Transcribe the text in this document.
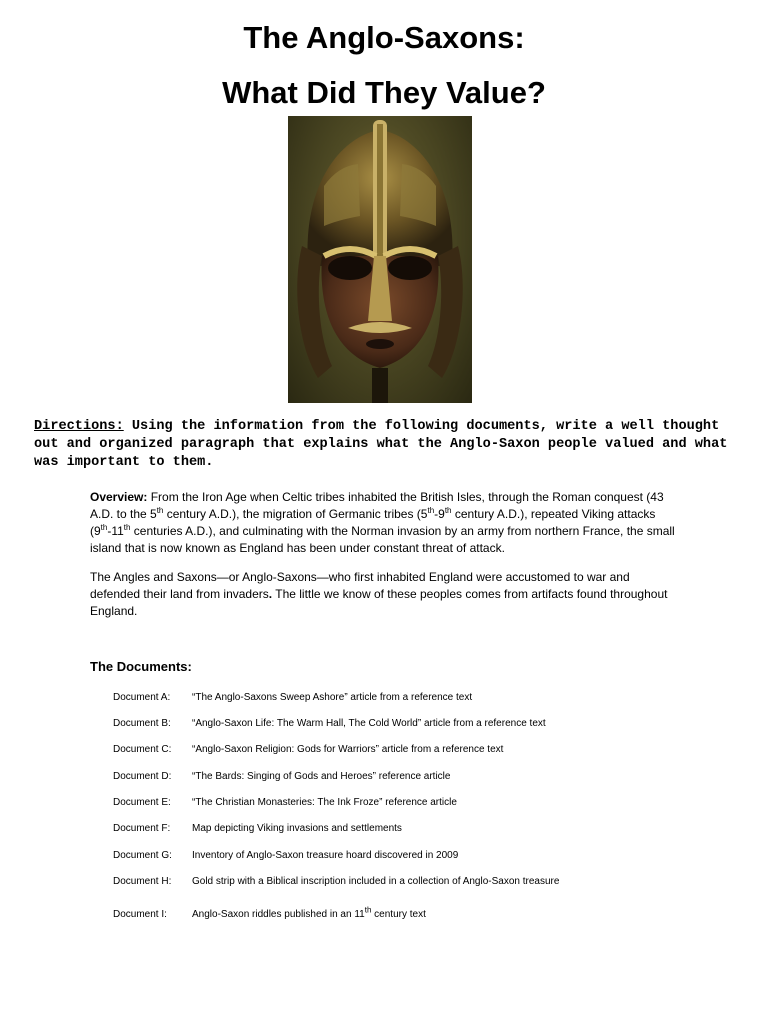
The Anglo-Saxons:
What Did They Value?

Directions: Using the information from the following documents, write a well thought out and organized paragraph that explains what the Anglo-Saxon people valued and what was important to them.

Overview: From the Iron Age when Celtic tribes inhabited the British Isles, through the Roman conquest (43 A.D. to the 5th century A.D.), the migration of Germanic tribes (5th-9th century A.D.), repeated Viking attacks (9th-11th centuries A.D.), and culminating with the Norman invasion by an army from northern France, the small island that is now known as England has been under constant threat of attack.

The Angles and Saxons—or Anglo-Saxons—who first inhabited England were accustomed to war and defended their land from invaders. The little we know of these peoples comes from artifacts found throughout England.

The Documents:
Document A: “The Anglo-Saxons Sweep Ashore” article from a reference text
Document B: “Anglo-Saxon Life: The Warm Hall, The Cold World” article from a reference text
Document C: “Anglo-Saxon Religion: Gods for Warriors” article from a reference text
Document D: “The Bards: Singing of Gods and Heroes” reference article
Document E: “The Christian Monasteries: The Ink Froze” reference article
Document F: Map depicting Viking invasions and settlements
Document G: Inventory of Anglo-Saxon treasure hoard discovered in 2009
Document H: Gold strip with a Biblical inscription included in a collection of Anglo-Saxon treasure
Document I:	Anglo-Saxon riddles published in an 11th century text
